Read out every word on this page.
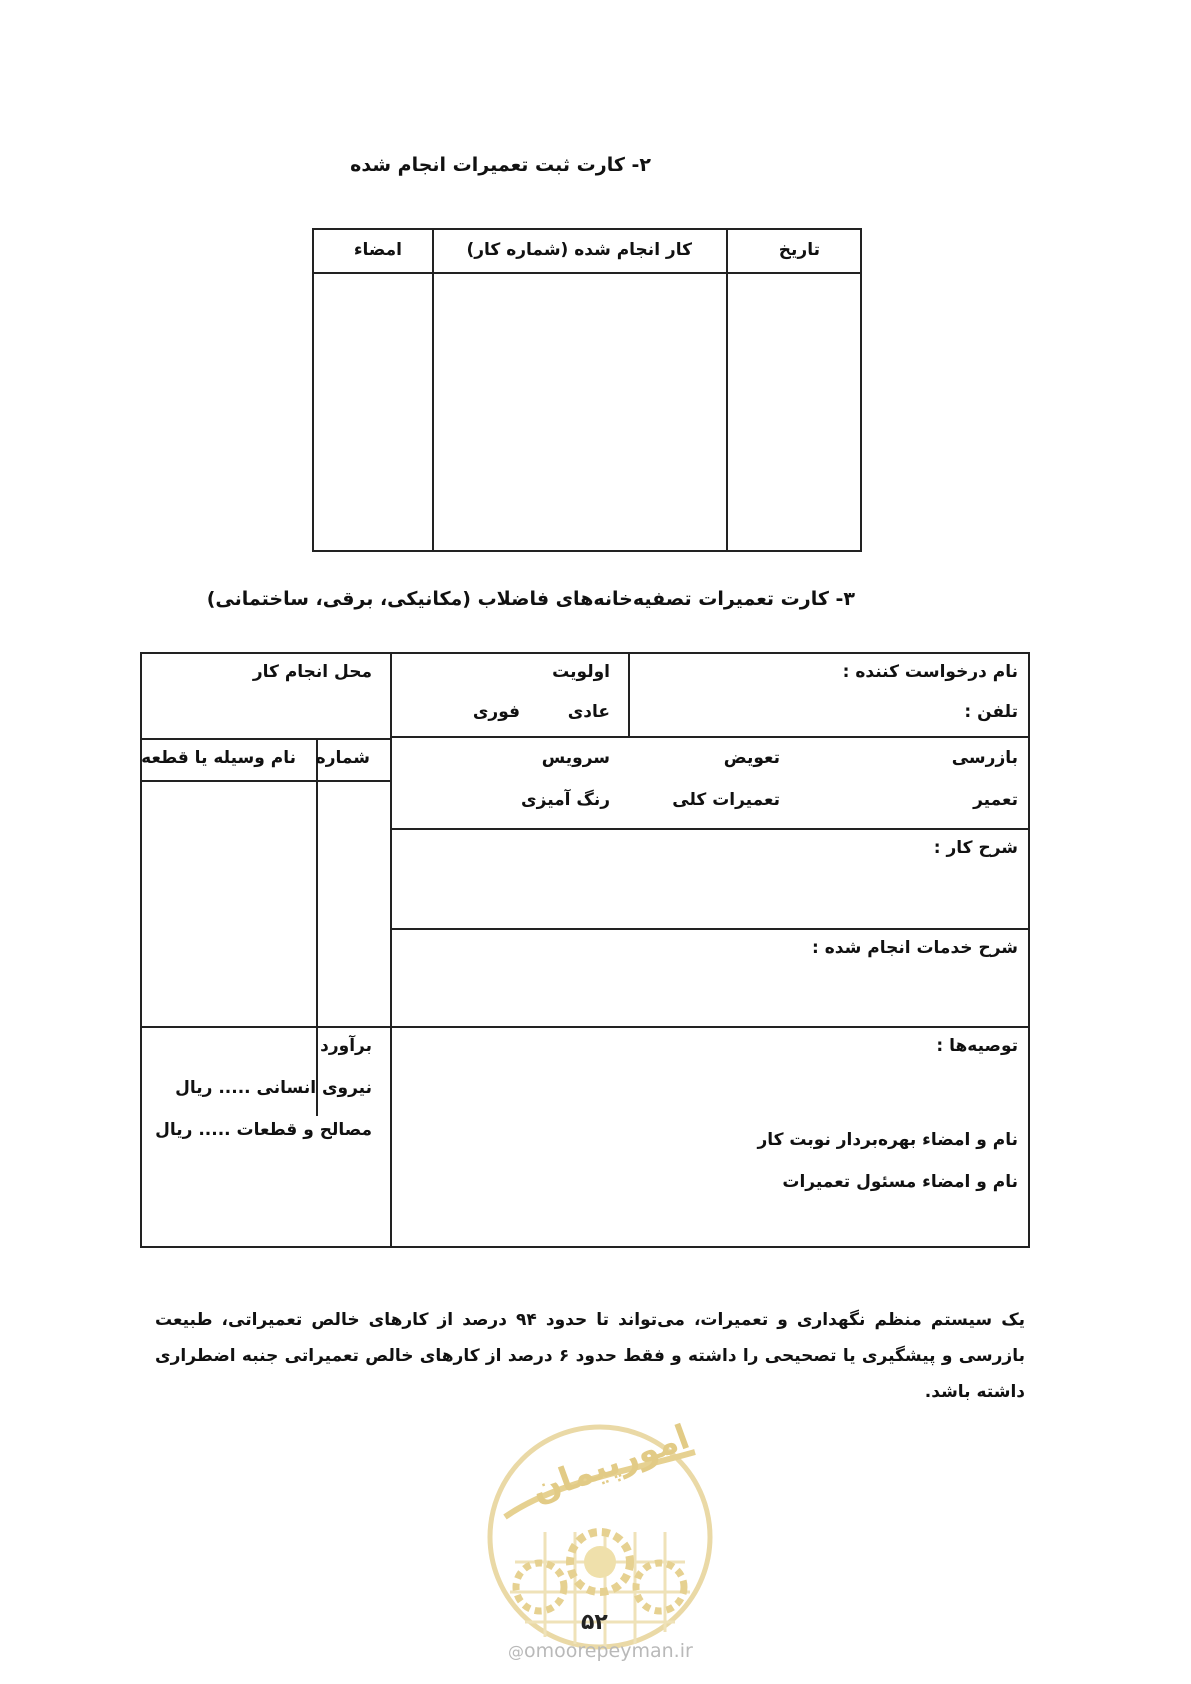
۲- کارت ثبت تعمیرات انجام شده
امضاء	کار انجام شده (شماره کار)	تاریخ
۳- کارت تعمیرات تصفیه‌خانه‌های فاضلاب (مکانیکی، برقی، ساختمانی)
نام درخواست کننده :
تلفن :
اولویت
عادی
فوری
محل انجام کار
بازرسی
تعویض
سرویس
تعمیر
تعمیرات کلی
رنگ آمیزی
شماره
نام وسیله یا قطعه
شرح کار :
شرح خدمات انجام شده :
توصیه‌ها :
نام و امضاء بهره‌بردار نوبت کار
نام و امضاء مسئول تعمیرات
برآورد
نیروی انسانی ..... ریال
مصالح و قطعات ..... ریال
یک سیستم منظم نگهداری و تعمیرات، می‌تواند تا حدود ۹۴ درصد از کارهای خالص تعمیراتی، طبیعت بازرسی و پیشگیری یا تصحیحی را داشته و فقط حدود ۶ درصد از کارهای خالص تعمیراتی جنبه اضطراری داشته باشد.
امورپیمان
۵۲
@omoorepeyman.ir
